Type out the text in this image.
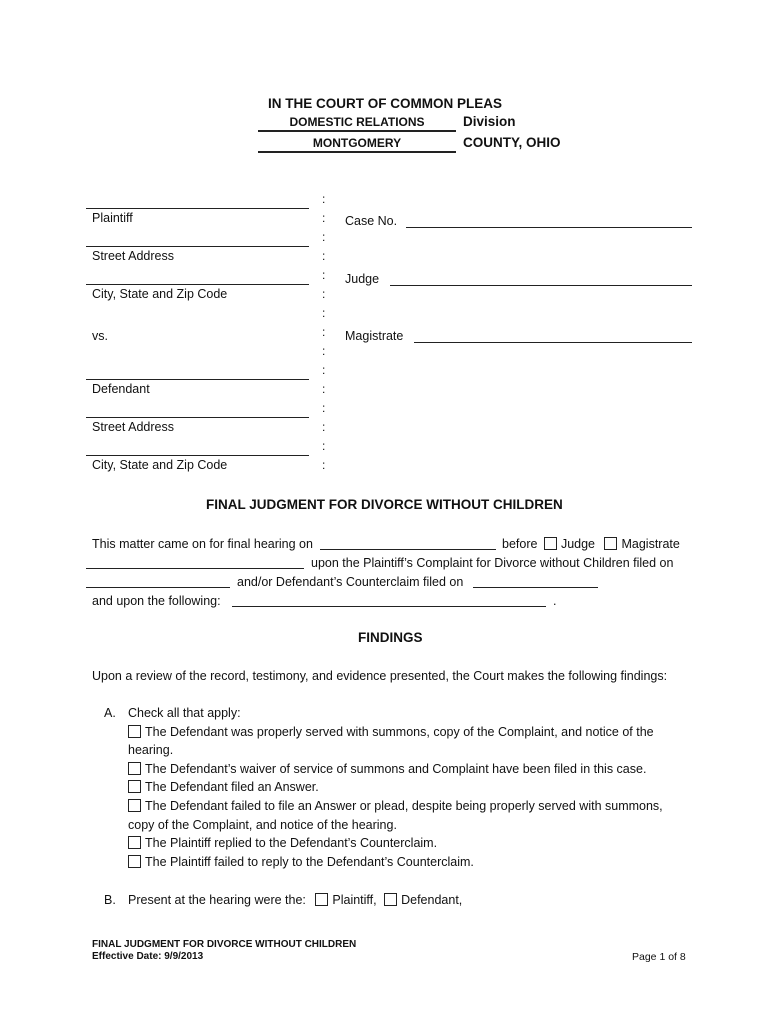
IN THE COURT OF COMMON PLEAS
DOMESTIC RELATIONS	Division
MONTGOMERY	COUNTY, OHIO
Plaintiff
Street Address
City, State and Zip Code
vs.
Defendant
Street Address
City, State and Zip Code
:
:
:
:
:
:
:
:
:
:
:
:
:
:
:
Case No.
Judge
Magistrate
FINAL JUDGMENT FOR DIVORCE WITHOUT CHILDREN
This matter came on for final hearing on	before Judge Magistrate
upon the Plaintiff’s Complaint for Divorce without Children filed on
and/or Defendant’s Counterclaim filed on
and upon the following:	.
FINDINGS
Upon a review of the record, testimony, and evidence presented, the Court makes the following findings:
A. Check all that apply:
The Defendant was properly served with summons, copy of the Complaint, and notice of the
hearing.
The Defendant’s waiver of service of summons and Complaint have been filed in this case.
The Defendant filed an Answer.
The Defendant failed to file an Answer or plead, despite being properly served with summons,
copy of the Complaint, and notice of the hearing.
The Plaintiff replied to the Defendant’s Counterclaim.
The Plaintiff failed to reply to the Defendant’s Counterclaim.
B. Present at the hearing were the: Plaintiff, Defendant,
FINAL JUDGMENT FOR DIVORCE WITHOUT CHILDREN
Effective Date: 9/9/2013	Page 1 of 8
